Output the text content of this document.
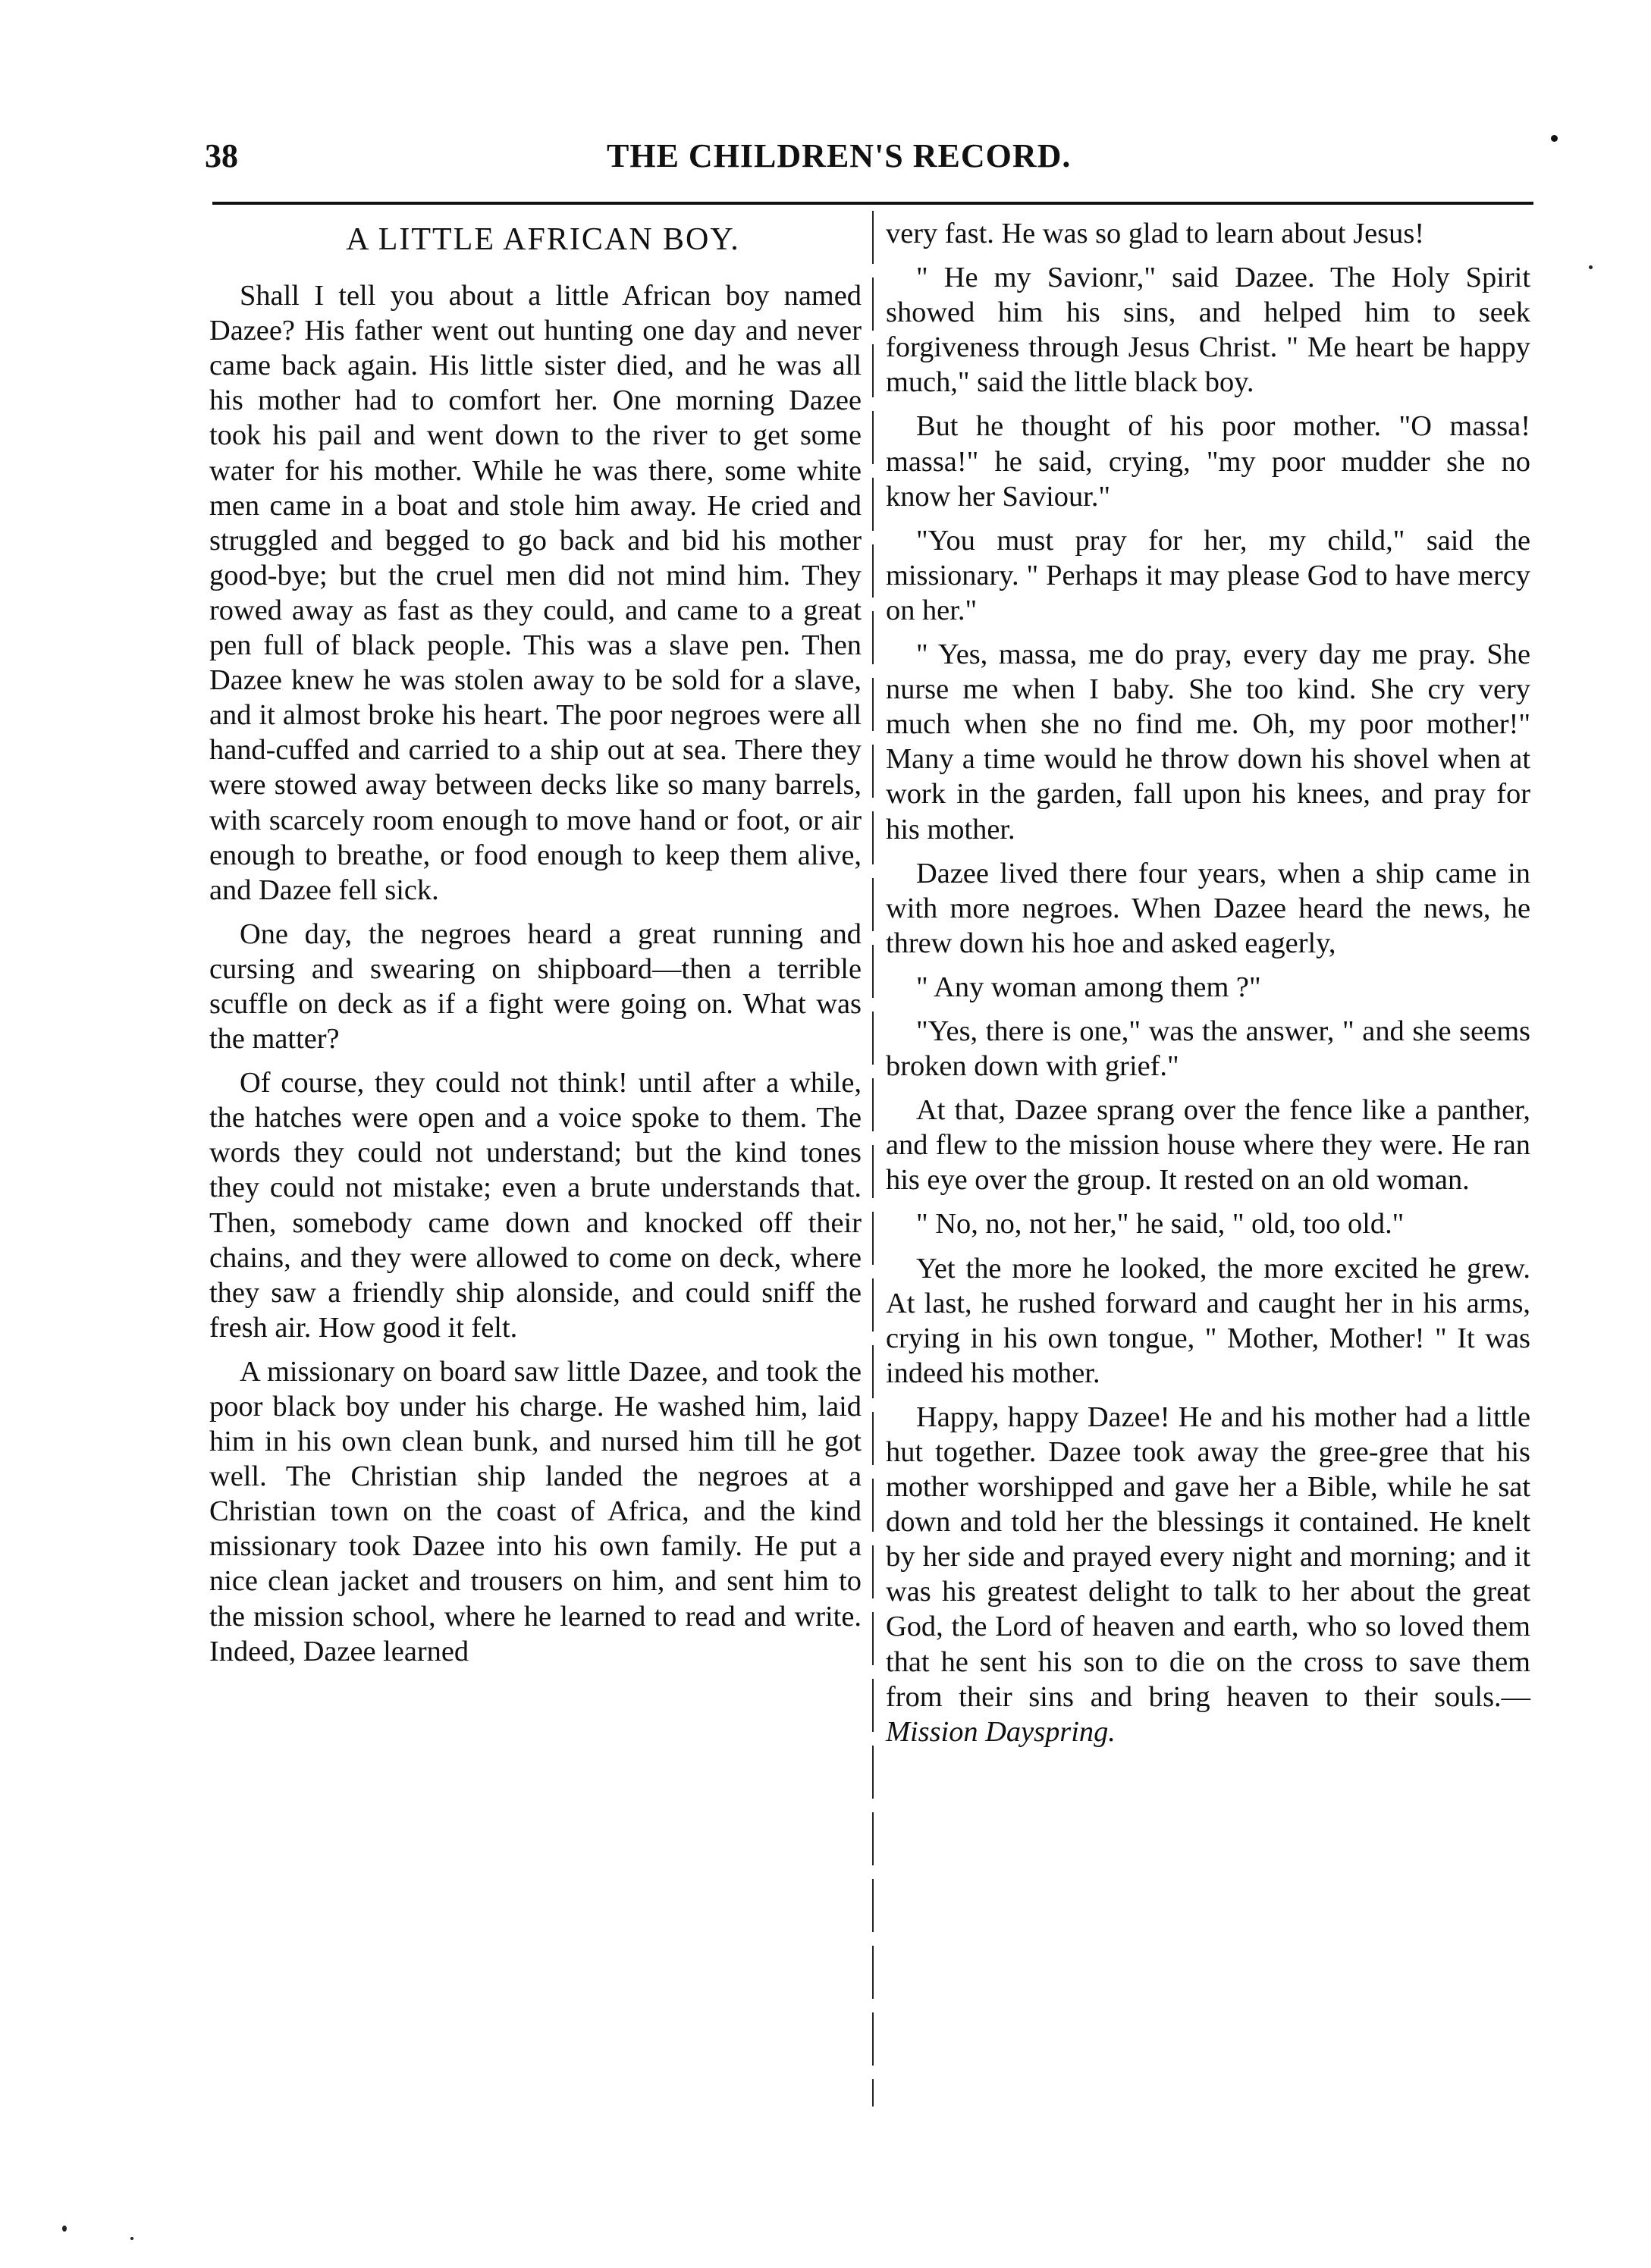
38	THE CHILDREN'S RECORD.
A LITTLE AFRICAN BOY.

Shall I tell you about a little African boy named Dazee? His father went out hunting one day and never came back again. His little sister died, and he was all his mother had to comfort her. One morning Dazee took his pail and went down to the river to get some water for his mother. While he was there, some white men came in a boat and stole him away. He cried and struggled and begged to go back and bid his mother good-bye; but the cruel men did not mind him. They rowed away as fast as they could, and came to a great pen full of black people. This was a slave pen. Then Dazee knew he was stolen away to be sold for a slave, and it almost broke his heart. The poor negroes were all hand-cuffed and carried to a ship out at sea. There they were stowed away between decks like so many barrels, with scarcely room enough to move hand or foot, or air enough to breathe, or food enough to keep them alive, and Dazee fell sick.

One day, the negroes heard a great running and cursing and swearing on shipboard—then a terrible scuffle on deck as if a fight were going on. What was the matter?

Of course, they could not think! until after a while, the hatches were open and a voice spoke to them. The words they could not understand; but the kind tones they could not mistake; even a brute understands that. Then, somebody came down and knocked off their chains, and they were allowed to come on deck, where they saw a friendly ship alonside, and could sniff the fresh air. How good it felt.

A missionary on board saw little Dazee, and took the poor black boy under his charge. He washed him, laid him in his own clean bunk, and nursed him till he got well. The Christian ship landed the negroes at a Christian town on the coast of Africa, and the kind missionary took Dazee into his own family. He put a nice clean jacket and trousers on him, and sent him to the mission school, where he learned to read and write. Indeed, Dazee learned

very fast. He was so glad to learn about Jesus!

" He my Savionr," said Dazee. The Holy Spirit showed him his sins, and helped him to seek forgiveness through Jesus Christ. " Me heart be happy much," said the little black boy.

But he thought of his poor mother. "O massa! massa!" he said, crying, "my poor mudder she no know her Saviour."

"You must pray for her, my child," said the missionary. " Perhaps it may please God to have mercy on her."

" Yes, massa, me do pray, every day me pray. She nurse me when I baby. She too kind. She cry very much when she no find me. Oh, my poor mother!" Many a time would he throw down his shovel when at work in the garden, fall upon his knees, and pray for his mother.

Dazee lived there four years, when a ship came in with more negroes. When Dazee heard the news, he threw down his hoe and asked eagerly,

" Any woman among them ?"

"Yes, there is one," was the answer, " and she seems broken down with grief."

At that, Dazee sprang over the fence like a panther, and flew to the mission house where they were. He ran his eye over the group. It rested on an old woman.

" No, no, not her," he said, " old, too old."

Yet the more he looked, the more excited he grew. At last, he rushed forward and caught her in his arms, crying in his own tongue, " Mother, Mother! " It was indeed his mother.

Happy, happy Dazee! He and his mother had a little hut together. Dazee took away the gree-gree that his mother worshipped and gave her a Bible, while he sat down and told her the blessings it contained. He knelt by her side and prayed every night and morning; and it was his greatest delight to talk to her about the great God, the Lord of heaven and earth, who so loved them that he sent his son to die on the cross to save them from their sins and bring heaven to their souls.—Mission Dayspring.
